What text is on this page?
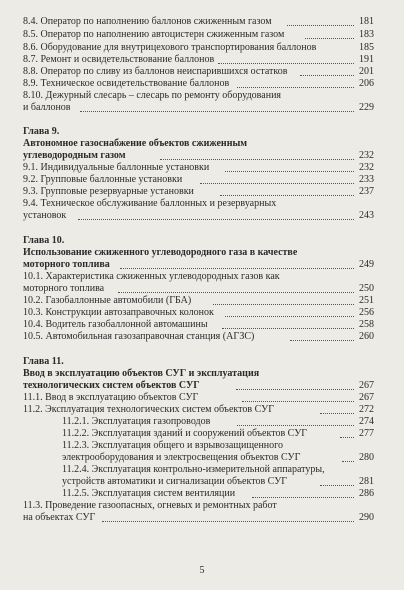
8.4. Оператор по наполнению баллонов сжиженным газом	181
8.5. Оператор по наполнению автоцистерн сжиженным газом	183
8.6. Оборудование для внутрицехового транспортирования баллонов	185
8.7. Ремонт и освидетельствование баллонов	191
8.8. Оператор по сливу из баллонов неиспарившихся остатков	201
8.9. Техническое освидетельствование баллонов	206
8.10. Дежурный слесарь – слесарь по ремонту оборудования
и баллонов	229
Глава 9.
Автономное газоснабжение объектов сжиженным
углеводородным газом	232
9.1. Индивидуальные баллонные установки	232
9.2. Групповые баллонные установки	233
9.3. Групповые резервуарные установки	237
9.4. Техническое обслуживание баллонных и резервуарных
установок	243
Глава 10.
Использование сжиженного углеводородного газа в качестве
моторного топлива	249
10.1. Характеристика сжиженных углеводородных газов как
моторного топлива	250
10.2. Газобаллонные автомобили (ГБА)	251
10.3. Конструкции автозаправочных колонок	256
10.4. Водитель газобаллонной автомашины	258
10.5. Автомобильная газозаправочная станция (АГЗС)	260
Глава 11.
Ввод в эксплуатацию объектов СУГ и эксплуатация
технологических систем объектов СУГ	267
11.1. Ввод в эксплуатацию объектов СУГ	267
11.2. Эксплуатация технологических систем объектов СУГ	272
11.2.1. Эксплуатация газопроводов	274
11.2.2. Эксплуатация зданий и сооружений объектов СУГ	277
11.2.3. Эксплуатация общего и взрывозащищенного
электрооборудования и электросвещения объектов СУГ	280
11.2.4. Эксплуатация контрольно-измерительной аппаратуры,
устройств автоматики и сигнализации объектов СУГ	281
11.2.5. Эксплуатация систем вентиляции	286
11.3. Проведение газоопасных, огневых и ремонтных работ
на объектах СУГ	290
5
